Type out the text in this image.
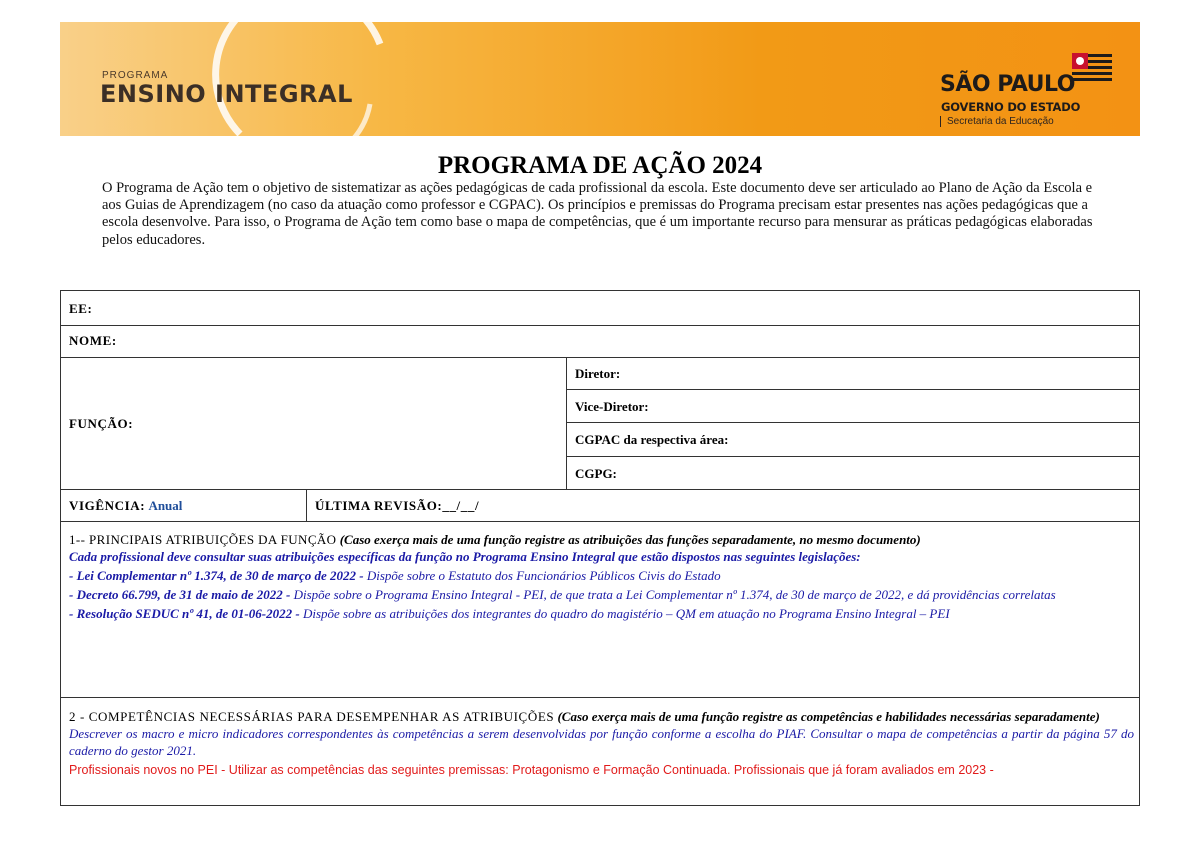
PROGRAMA
ENSINO INTEGRAL	SÃO PAULO
GOVERNO DO ESTADO
Secretaria da Educação
PROGRAMA DE AÇÃO 2024
O Programa de Ação tem o objetivo de sistematizar as ações pedagógicas de cada profissional da escola. Este documento deve ser articulado ao Plano de Ação da Escola e aos Guias de Aprendizagem (no caso da atuação como professor e CGPAC). Os princípios e premissas do Programa precisam estar presentes nas ações pedagógicas que a escola desenvolve. Para isso, o Programa de Ação tem como base o mapa de competências, que é um importante recurso para mensurar as práticas pedagógicas elaboradas pelos educadores.
EE:
NOME:
FUNÇÃO:
Diretor:
Vice-Diretor:
CGPAC da respectiva área:
CGPG:
VIGÊNCIA: Anual	ÚLTIMA REVISÃO:__/__/
1-- PRINCIPAIS ATRIBUIÇÕES DA FUNÇÃO (Caso exerça mais de uma função registre as atribuições das funções separadamente, no mesmo documento)
Cada profissional deve consultar suas atribuições específicas da função no Programa Ensino Integral que estão dispostos nas seguintes legislações:
- Lei Complementar nº 1.374, de 30 de março de 2022 - Dispõe sobre o Estatuto dos Funcionários Públicos Civis do Estado
- Decreto 66.799, de 31 de maio de 2022 - Dispõe sobre o Programa Ensino Integral - PEI, de que trata a Lei Complementar nº 1.374, de 30 de março de 2022, e dá providências correlatas
- Resolução SEDUC nº 41, de 01-06-2022 - Dispõe sobre as atribuições dos integrantes do quadro do magistério – QM em atuação no Programa Ensino Integral – PEI
2 - COMPETÊNCIAS NECESSÁRIAS PARA DESEMPENHAR AS ATRIBUIÇÕES (Caso exerça mais de uma função registre as competências e habilidades necessárias separadamente)
Descrever os macro e micro indicadores correspondentes às competências a serem desenvolvidas por função conforme a escolha do PIAF. Consultar o mapa de competências a partir da página 57 do caderno do gestor 2021.
Profissionais novos no PEI - Utilizar as competências das seguintes premissas: Protagonismo e Formação Continuada. Profissionais que já foram avaliados em 2023 -
